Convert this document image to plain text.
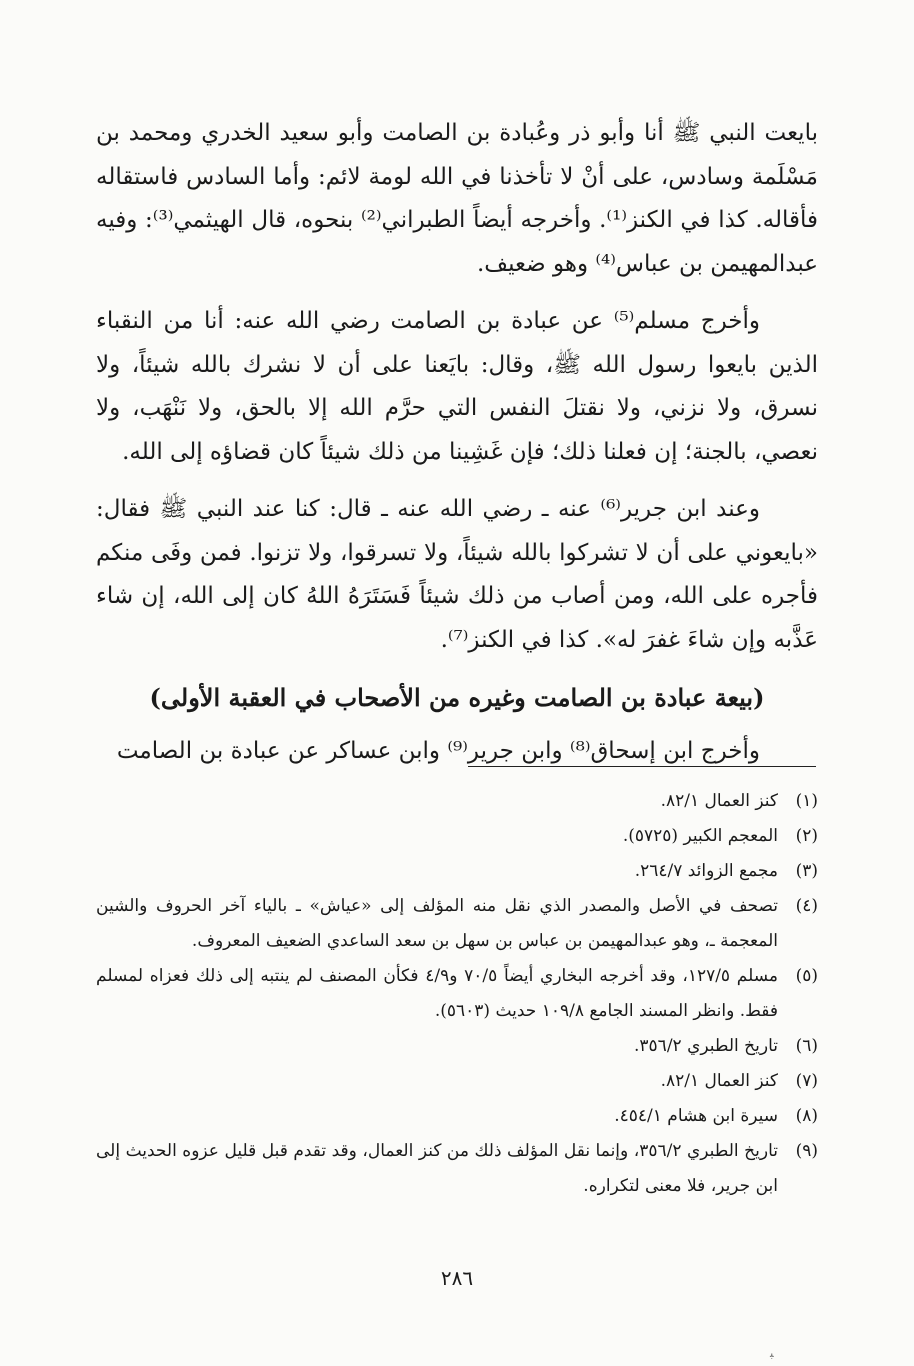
بايعت النبي ﷺ أنا وأبو ذر وعُبادة بن الصامت وأبو سعيد الخدري ومحمد بن مَسْلَمة وسادس، على أنْ لا تأخذنا في الله لومة لائم: وأما السادس فاستقاله فأقاله. كذا في الكنز⁽¹⁾. وأخرجه أيضاً الطبراني⁽²⁾ بنحوه، قال الهيثمي⁽³⁾: وفيه عبدالمهيمن بن عباس⁽⁴⁾ وهو ضعيف.

وأخرج مسلم⁽⁵⁾ عن عبادة بن الصامت رضي الله عنه: أنا من النقباء الذين بايعوا رسول الله ﷺ، وقال: بايَعنا على أن لا نشرك بالله شيئاً، ولا نسرق، ولا نزني، ولا نقتلَ النفس التي حرَّم الله إلا بالحق، ولا نَنْهَب، ولا نعصي، بالجنة؛ إن فعلنا ذلك؛ فإن غَشِينا من ذلك شيئاً كان قضاؤه إلى الله.

وعند ابن جرير⁽⁶⁾ عنه ـ رضي الله عنه ـ قال: كنا عند النبي ﷺ فقال: «بايعوني على أن لا تشركوا بالله شيئاً، ولا تسرقوا، ولا تزنوا. فمن وفَى منكم فأجره على الله، ومن أصاب من ذلك شيئاً فَسَتَرَهُ اللهُ كان إلى الله، إن شاء عَذَّبه وإن شاءَ غفرَ له». كذا في الكنز⁽⁷⁾.

(بيعة عبادة بن الصامت وغيره من الأصحاب في العقبة الأولى)

وأخرج ابن إسحاق⁽⁸⁾ وابن جرير⁽⁹⁾ وابن عساكر عن عبادة بن الصامت

(١)
كنز العمال ٨٢/١.
(٢)
المعجم الكبير (٥٧٢٥).
(٣)
مجمع الزوائد ٢٦٤/٧.
(٤)
تصحف في الأصل والمصدر الذي نقل منه المؤلف إلى «عياش» ـ بالياء آخر الحروف والشين المعجمة ـ، وهو عبدالمهيمن بن عباس بن سهل بن سعد الساعدي الضعيف المعروف.
(٥)
مسلم ١٢٧/٥، وقد أخرجه البخاري أيضاً ٧٠/٥ و٤/٩ فكأن المصنف لم ينتبه إلى ذلك فعزاه لمسلم فقط. وانظر المسند الجامع ١٠٩/٨ حديث (٥٦٠٣).
(٦)
تاريخ الطبري ٣٥٦/٢.
(٧)
كنز العمال ٨٢/١.
(٨)
سيرة ابن هشام ٤٥٤/١.
(٩)
تاريخ الطبري ٣٥٦/٢، وإنما نقل المؤلف ذلك من كنز العمال، وقد تقدم قبل قليل عزوه الحديث إلى ابن جرير، فلا معنى لتكراره.
٢٨٦
ﺒ
